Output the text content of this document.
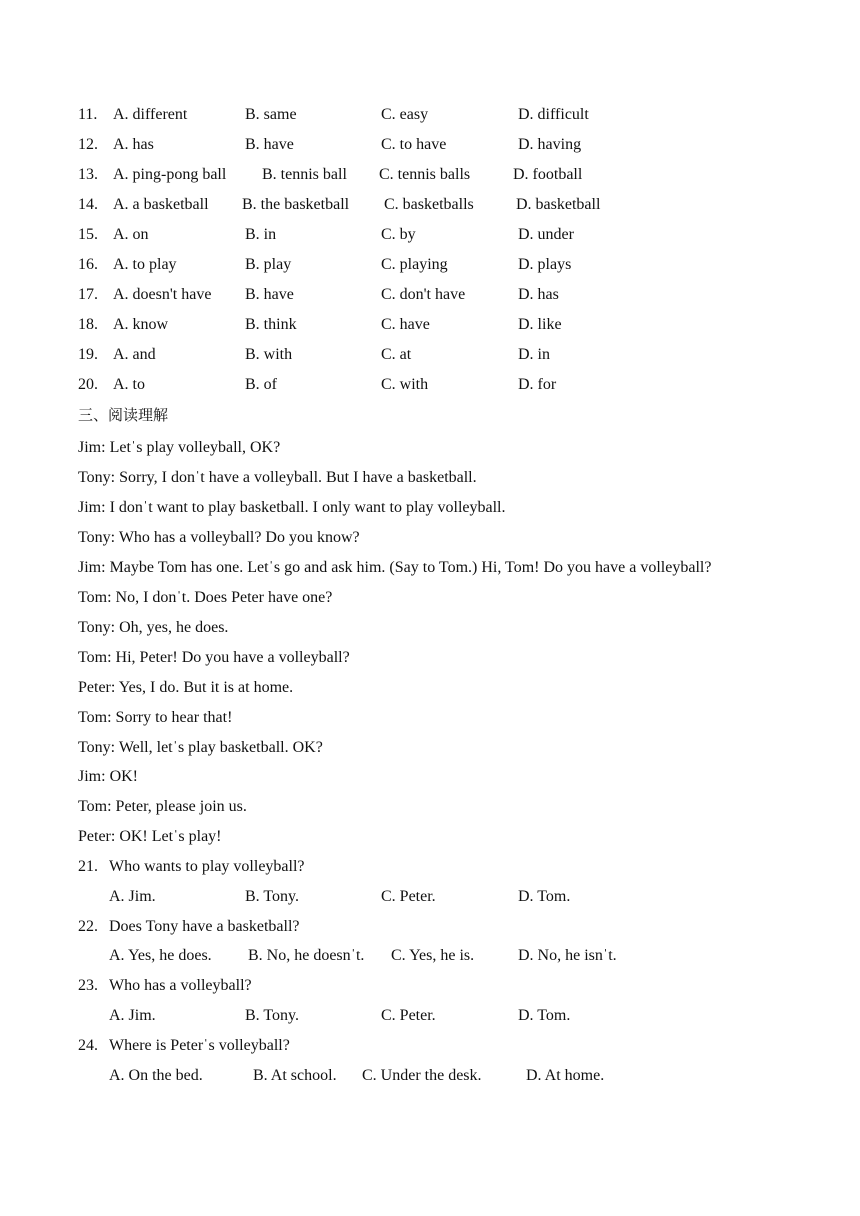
11. A. different	B. same	C. easy	D. difficult
12. A. has	B. have	C. to have	D. having
13. A. ping-pong ball B. tennis ball C. tennis balls	D. football
14. A. a basketball B. the basketball C. basketballs	D. basketball
15. A. on	B. in	C. by	D. under
16. A. to play	B. play	C. playing	D. plays
17. A. doesn't have B. have	C. don't have	D. has
18. A. know	B. think	C. have	D. like
19. A. and	B. with	C. at	D. in
20. A. to	B. of	C. with	D. for
三、阅读理解
Jim: Letˈs play volleyball, OK?
Tony: Sorry, I donˈt have a volleyball. But I have a basketball.
Jim: I donˈt want to play basketball. I only want to play volleyball.
Tony: Who has a volleyball? Do you know?
Jim: Maybe Tom has one. Letˈs go and ask him. (Say to Tom.) Hi, Tom! Do you have a volleyball?
Tom: No, I donˈt. Does Peter have one?
Tony: Oh, yes, he does.
Tom: Hi, Peter! Do you have a volleyball?
Peter: Yes, I do. But it is at home.
Tom: Sorry to hear that!
Tony: Well, letˈs play basketball. OK?
Jim: OK!
Tom: Peter, please join us.
Peter: OK! Letˈs play!
21. Who wants to play volleyball?
A. Jim.	B. Tony.	C. Peter.	D. Tom.
22. Does Tony have a basketball?
A. Yes, he does. B. No, he doesnˈt. C. Yes, he is.	D. No, he isnˈt.
23. Who has a volleyball?
A. Jim.	B. Tony.	C. Peter.	D. Tom.
24. Where is Peterˈs volleyball?
A. On the bed.	B. At school. C. Under the desk.	D. At home.
